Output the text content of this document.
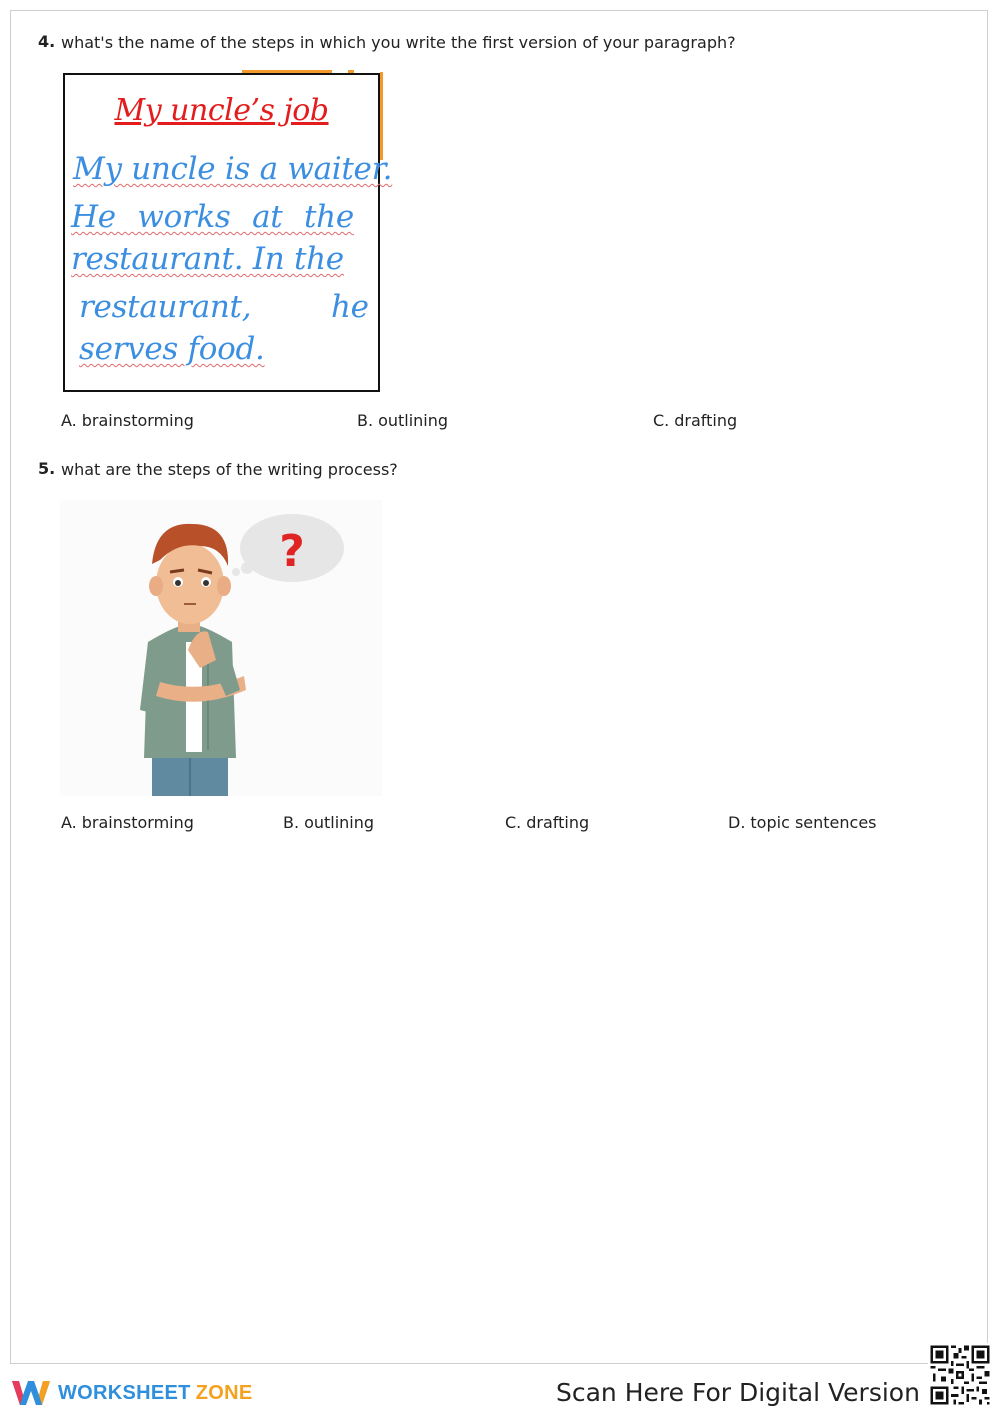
4. what's the name of the steps in which you write the first version of your paragraph?
My uncle’s job
My uncle is a waiter.
He works at the
restaurant. In the
restaurant,	he
serves food.
A. brainstorming	B. outlining	C. drafting
5. what are the steps of the writing process?
?
A. brainstorming	B. outlining	C. drafting	D. topic sentences
WORKSHEET ZONE	Scan Here For Digital Version
